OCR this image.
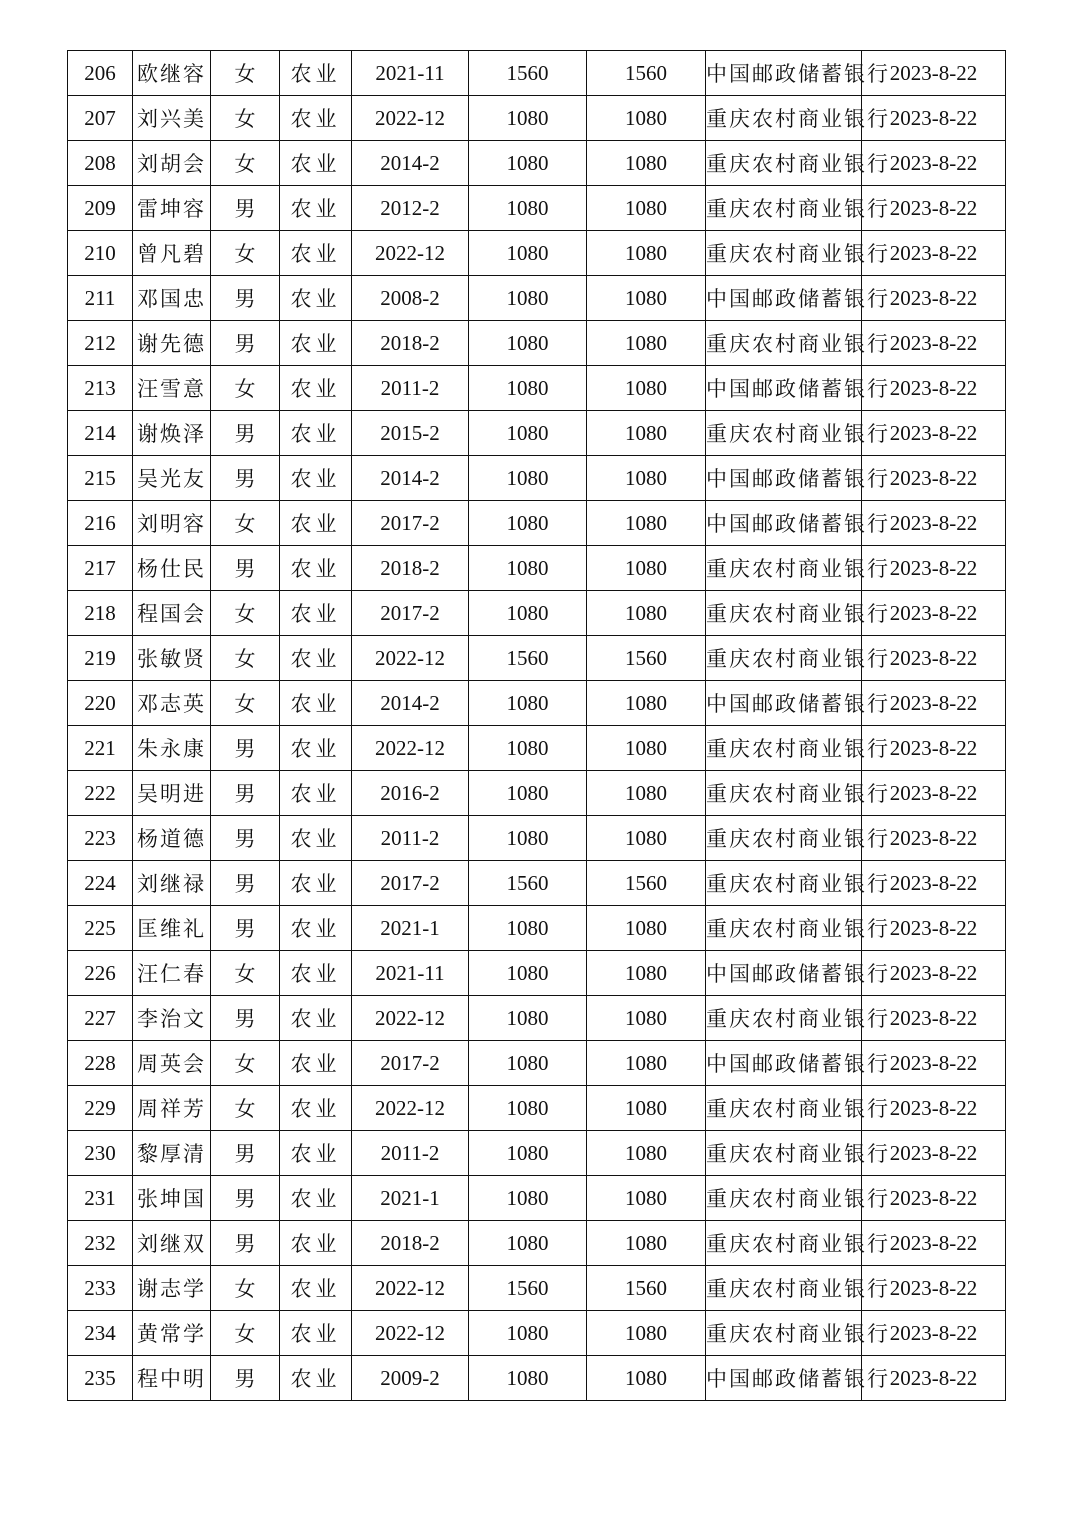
206	欧继容	女	农业	2021-11	1560	1560	中国邮政储蓄银行	2023-8-22
207	刘兴美	女	农业	2022-12	1080	1080	重庆农村商业银行	2023-8-22
208	刘胡会	女	农业	2014-2	1080	1080	重庆农村商业银行	2023-8-22
209	雷坤容	男	农业	2012-2	1080	1080	重庆农村商业银行	2023-8-22
210	曾凡碧	女	农业	2022-12	1080	1080	重庆农村商业银行	2023-8-22
211	邓国忠	男	农业	2008-2	1080	1080	中国邮政储蓄银行	2023-8-22
212	谢先德	男	农业	2018-2	1080	1080	重庆农村商业银行	2023-8-22
213	汪雪意	女	农业	2011-2	1080	1080	中国邮政储蓄银行	2023-8-22
214	谢焕泽	男	农业	2015-2	1080	1080	重庆农村商业银行	2023-8-22
215	吴光友	男	农业	2014-2	1080	1080	中国邮政储蓄银行	2023-8-22
216	刘明容	女	农业	2017-2	1080	1080	中国邮政储蓄银行	2023-8-22
217	杨仕民	男	农业	2018-2	1080	1080	重庆农村商业银行	2023-8-22
218	程国会	女	农业	2017-2	1080	1080	重庆农村商业银行	2023-8-22
219	张敏贤	女	农业	2022-12	1560	1560	重庆农村商业银行	2023-8-22
220	邓志英	女	农业	2014-2	1080	1080	中国邮政储蓄银行	2023-8-22
221	朱永康	男	农业	2022-12	1080	1080	重庆农村商业银行	2023-8-22
222	吴明进	男	农业	2016-2	1080	1080	重庆农村商业银行	2023-8-22
223	杨道德	男	农业	2011-2	1080	1080	重庆农村商业银行	2023-8-22
224	刘继禄	男	农业	2017-2	1560	1560	重庆农村商业银行	2023-8-22
225	匡维礼	男	农业	2021-1	1080	1080	重庆农村商业银行	2023-8-22
226	汪仁春	女	农业	2021-11	1080	1080	中国邮政储蓄银行	2023-8-22
227	李治文	男	农业	2022-12	1080	1080	重庆农村商业银行	2023-8-22
228	周英会	女	农业	2017-2	1080	1080	中国邮政储蓄银行	2023-8-22
229	周祥芳	女	农业	2022-12	1080	1080	重庆农村商业银行	2023-8-22
230	黎厚清	男	农业	2011-2	1080	1080	重庆农村商业银行	2023-8-22
231	张坤国	男	农业	2021-1	1080	1080	重庆农村商业银行	2023-8-22
232	刘继双	男	农业	2018-2	1080	1080	重庆农村商业银行	2023-8-22
233	谢志学	女	农业	2022-12	1560	1560	重庆农村商业银行	2023-8-22
234	黄常学	女	农业	2022-12	1080	1080	重庆农村商业银行	2023-8-22
235	程中明	男	农业	2009-2	1080	1080	中国邮政储蓄银行	2023-8-22
